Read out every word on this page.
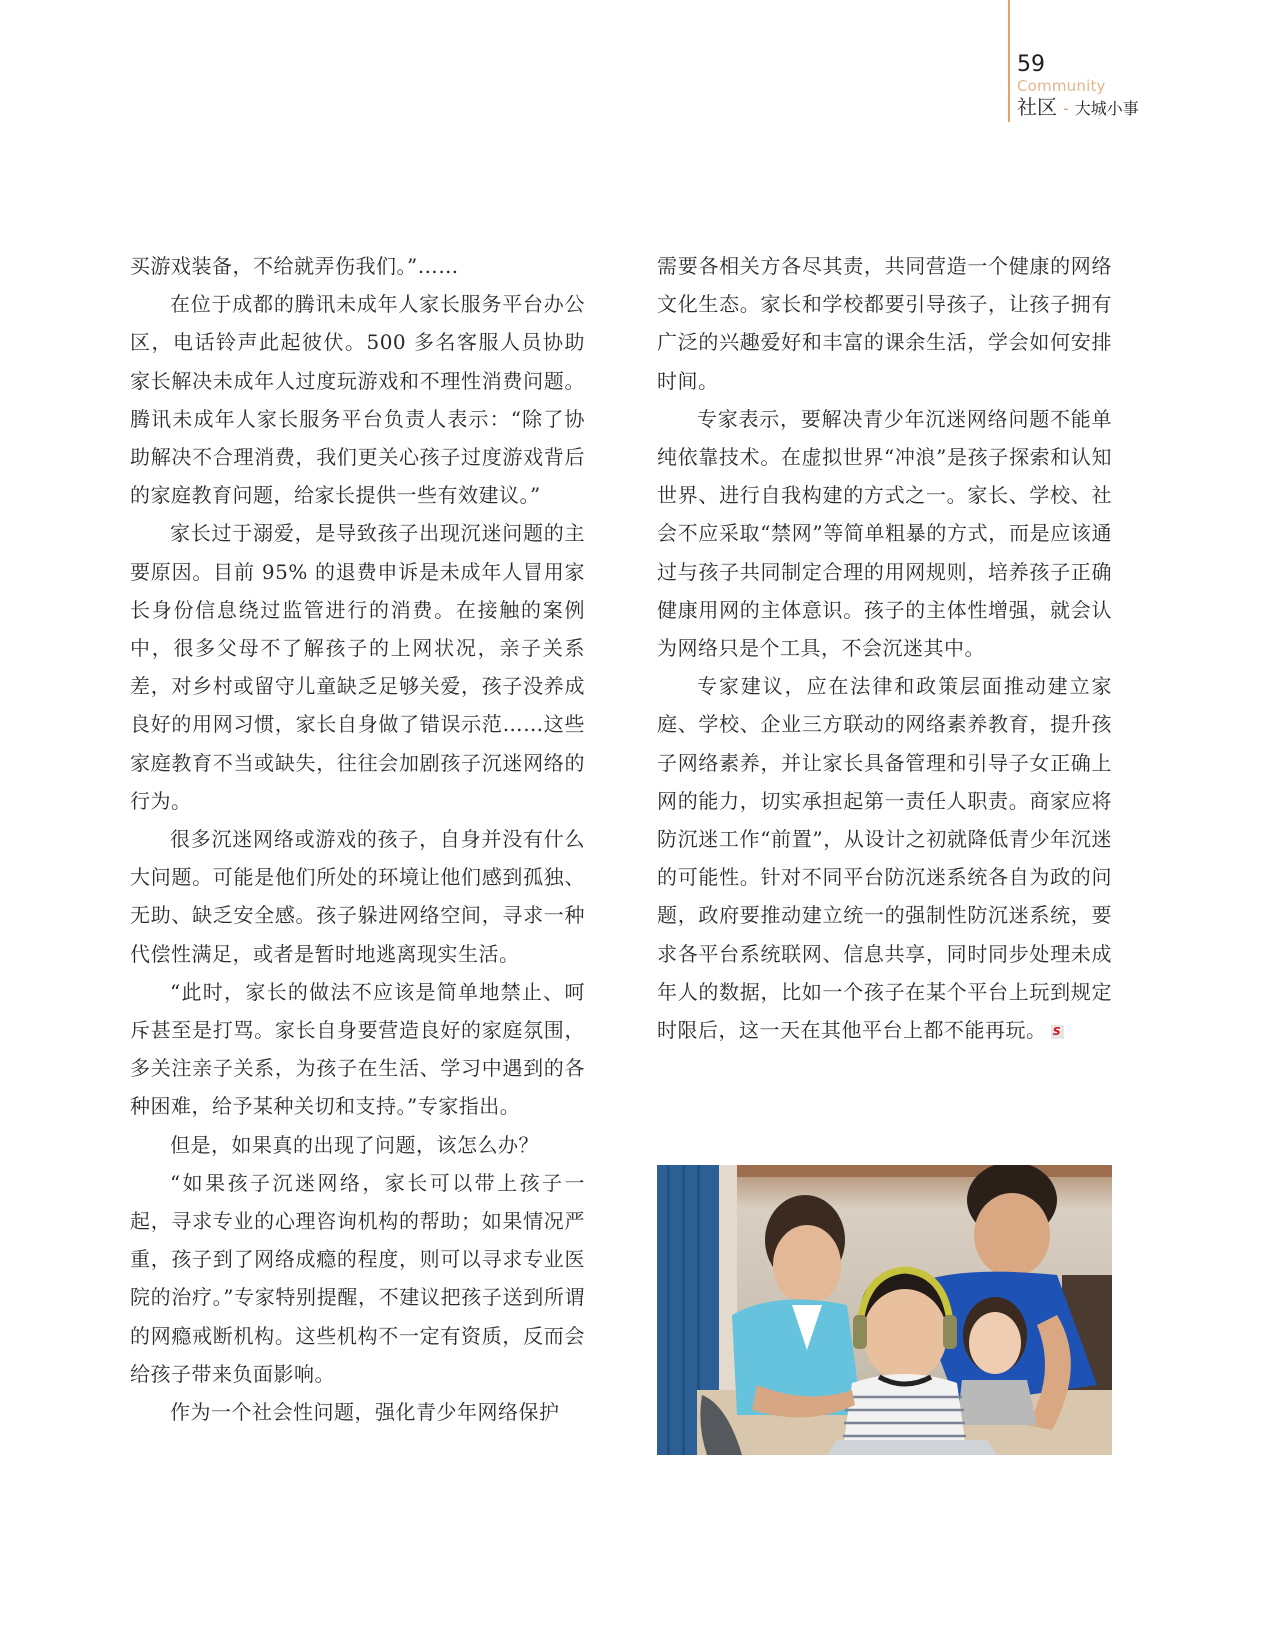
59
Community
社区 - 大城小事

买游戏装备，不给就弄伤我们。”……

在位于成都的腾讯未成年人家长服务平台办公区，电话铃声此起彼伏。500 多名客服人员协助家长解决未成年人过度玩游戏和不理性消费问题。腾讯未成年人家长服务平台负责人表示：“除了协助解决不合理消费，我们更关心孩子过度游戏背后的家庭教育问题，给家长提供一些有效建议。”

家长过于溺爱，是导致孩子出现沉迷问题的主要原因。目前 95% 的退费申诉是未成年人冒用家长身份信息绕过监管进行的消费。在接触的案例中，很多父母不了解孩子的上网状况，亲子关系差，对乡村或留守儿童缺乏足够关爱，孩子没养成良好的用网习惯，家长自身做了错误示范……这些家庭教育不当或缺失，往往会加剧孩子沉迷网络的行为。

很多沉迷网络或游戏的孩子，自身并没有什么大问题。可能是他们所处的环境让他们感到孤独、无助、缺乏安全感。孩子躲进网络空间，寻求一种代偿性满足，或者是暂时地逃离现实生活。

“此时，家长的做法不应该是简单地禁止、呵斥甚至是打骂。家长自身要营造良好的家庭氛围，多关注亲子关系，为孩子在生活、学习中遇到的各种困难，给予某种关切和支持。”专家指出。

但是，如果真的出现了问题，该怎么办？

“如果孩子沉迷网络，家长可以带上孩子一起，寻求专业的心理咨询机构的帮助；如果情况严重，孩子到了网络成瘾的程度，则可以寻求专业医院的治疗。”专家特别提醒，不建议把孩子送到所谓的网瘾戒断机构。这些机构不一定有资质，反而会给孩子带来负面影响。

作为一个社会性问题，强化青少年网络保护

需要各相关方各尽其责，共同营造一个健康的网络文化生态。家长和学校都要引导孩子，让孩子拥有广泛的兴趣爱好和丰富的课余生活，学会如何安排时间。

专家表示，要解决青少年沉迷网络问题不能单纯依靠技术。在虚拟世界“冲浪”是孩子探索和认知世界、进行自我构建的方式之一。家长、学校、社会不应采取“禁网”等简单粗暴的方式，而是应该通过与孩子共同制定合理的用网规则，培养孩子正确健康用网的主体意识。孩子的主体性增强，就会认为网络只是个工具，不会沉迷其中。

专家建议，应在法律和政策层面推动建立家庭、学校、企业三方联动的网络素养教育，提升孩子网络素养，并让家长具备管理和引导子女正确上网的能力，切实承担起第一责任人职责。商家应将防沉迷工作“前置”，从设计之初就降低青少年沉迷的可能性。针对不同平台防沉迷系统各自为政的问题，政府要推动建立统一的强制性防沉迷系统，要求各平台系统联网、信息共享，同时同步处理未成年人的数据，比如一个孩子在某个平台上玩到规定时限后，这一天在其他平台上都不能再玩。 S
